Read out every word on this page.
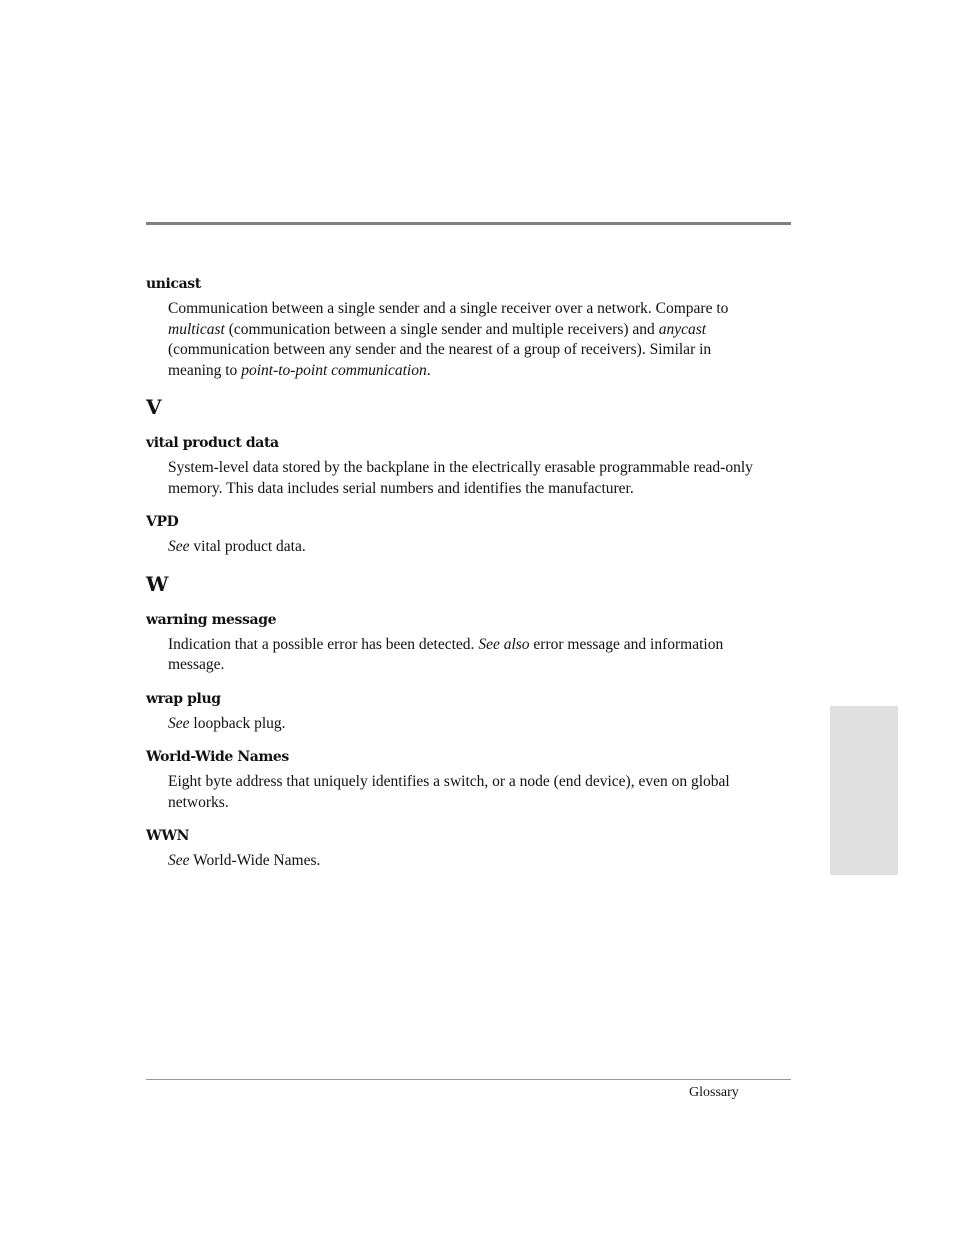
unicast
Communication between a single sender and a single receiver over a network. Compare to multicast (communication between a single sender and multiple receivers) and anycast (communication between any sender and the nearest of a group of receivers). Similar in meaning to point-to-point communication.
V
vital product data
System-level data stored by the backplane in the electrically erasable programmable read-only memory. This data includes serial numbers and identifies the manufacturer.
VPD
See vital product data.
W
warning message
Indication that a possible error has been detected. See also error message and information message.
wrap plug
See loopback plug.
World-Wide Names
Eight byte address that uniquely identifies a switch, or a node (end device), even on global networks.
WWN
See World-Wide Names.
Glossary
